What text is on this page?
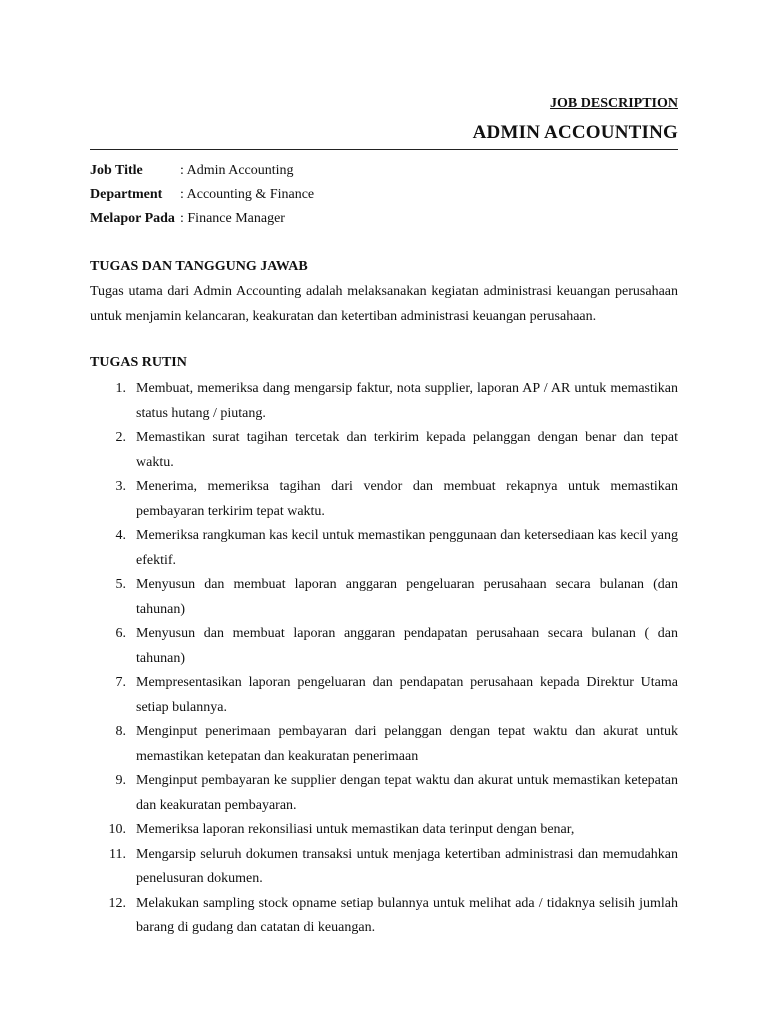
JOB DESCRIPTION
ADMIN ACCOUNTING
Job Title	: Admin Accounting
Department	: Accounting & Finance
Melapor Pada : Finance Manager
TUGAS DAN TANGGUNG JAWAB

Tugas utama dari Admin Accounting adalah melaksanakan kegiatan administrasi keuangan perusahaan untuk menjamin kelancaran, keakuratan dan ketertiban administrasi keuangan perusahaan.

TUGAS RUTIN
1. Membuat, memeriksa dang mengarsip faktur, nota supplier, laporan AP / AR untuk memastikan status hutang / piutang.
2. Memastikan surat tagihan tercetak dan terkirim kepada pelanggan dengan benar dan tepat waktu.
3. Menerima, memeriksa tagihan dari vendor dan membuat rekapnya untuk memastikan pembayaran terkirim tepat waktu.
4. Memeriksa rangkuman kas kecil untuk memastikan penggunaan dan ketersediaan kas kecil yang efektif.
5. Menyusun dan membuat laporan anggaran pengeluaran perusahaan secara bulanan (dan tahunan)
6. Menyusun dan membuat laporan anggaran pendapatan perusahaan secara bulanan ( dan tahunan)
7. Mempresentasikan laporan pengeluaran dan pendapatan perusahaan kepada Direktur Utama setiap bulannya.
8. Menginput penerimaan pembayaran dari pelanggan dengan tepat waktu dan akurat untuk memastikan ketepatan dan keakuratan penerimaan
9. Menginput pembayaran ke supplier dengan tepat waktu dan akurat untuk memastikan ketepatan dan keakuratan pembayaran.
10. Memeriksa laporan rekonsiliasi untuk memastikan data terinput dengan benar,
11. Mengarsip seluruh dokumen transaksi untuk menjaga ketertiban administrasi dan memudahkan penelusuran dokumen.
12. Melakukan sampling stock opname setiap bulannya untuk melihat ada / tidaknya selisih jumlah barang di gudang dan catatan di keuangan.
